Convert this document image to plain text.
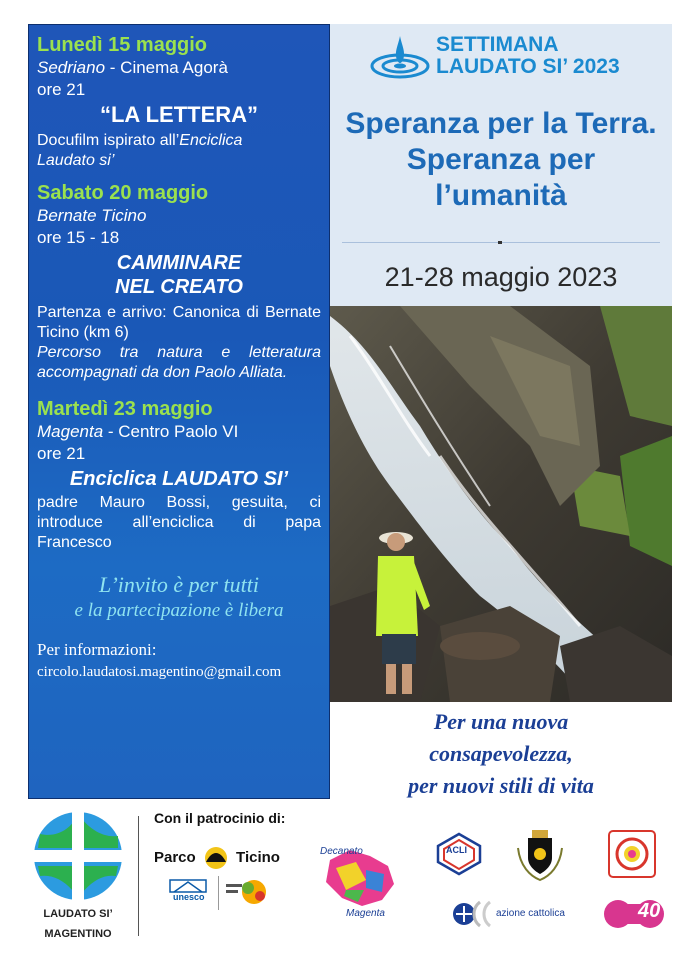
Lunedì 15 maggio
Sedriano - Cinema Agorà
ore 21
“LA LETTERA”
Docufilm ispirato all’Enciclica
Laudato si’
Sabato 20 maggio
Bernate Ticino
ore 15 - 18
CAMMINARE
NEL CREATO
Partenza e arrivo: Canonica di Bernate Ticino (km 6)
Percorso tra natura e letteratura accompagnati da don Paolo Alliata.
Martedì 23 maggio
Magenta - Centro Paolo VI
ore 21
Enciclica LAUDATO SI’
padre Mauro Bossi, gesuita, ci introduce all’enciclica di papa Francesco
L’invito è per tutti
e la partecipazione è libera
Per informazioni:
circolo.laudatosi.magentino@gmail.com
SETTIMANA
LAUDATO SI’ 2023
Speranza per la Terra.
Speranza per
l’umanità
21-28 maggio 2023
Per una nuova
consapevolezza,
per nuovi stili di vita
LAUDATO SI’
MAGENTINO
Con il patrocinio di:
Parco	Ticino
unesco
Decanato
Magenta
ACLI
azione cattolica	40
